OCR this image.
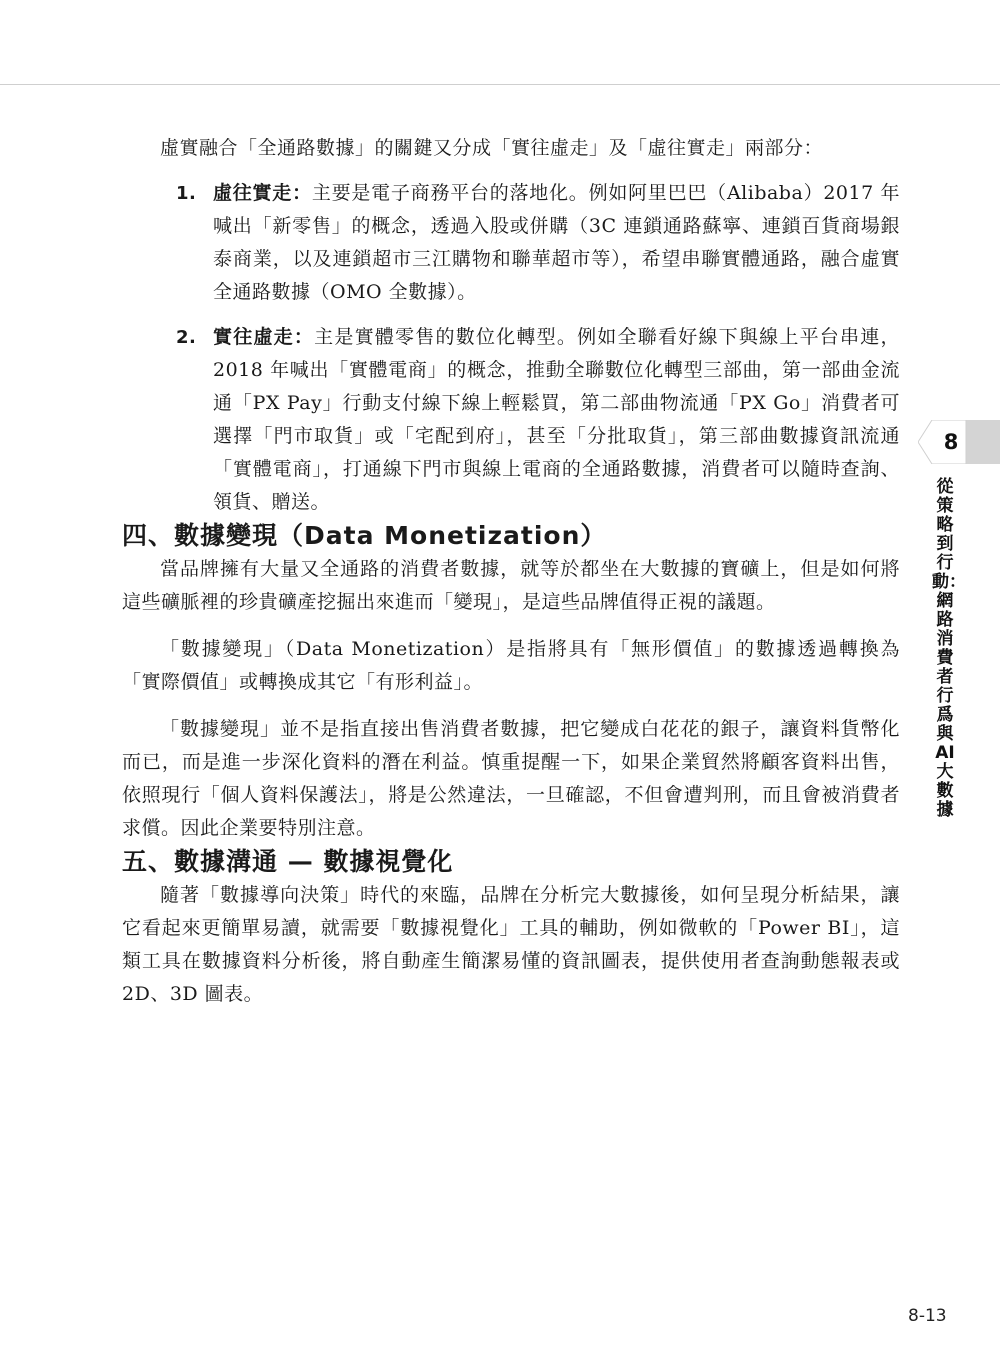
虛實融合「全通路數據」的關鍵又分成「實往虛走」及「虛往實走」兩部分：

1. 虛往實走：主要是電子商務平台的落地化。例如阿里巴巴（Alibaba）2017 年喊出「新零售」的概念，透過入股或併購（3C 連鎖通路蘇寧、連鎖百貨商場銀泰商業，以及連鎖超市三江購物和聯華超市等），希望串聯實體通路，融合虛實全通路數據（OMO 全數據）。
2. 實往虛走：主是實體零售的數位化轉型。例如全聯看好線下與線上平台串連，2018 年喊出「實體電商」的概念，推動全聯數位化轉型三部曲，第一部曲金流通「PX Pay」行動支付線下線上輕鬆買，第二部曲物流通「PX Go」消費者可選擇「門市取貨」或「宅配到府」，甚至「分批取貨」，第三部曲數據資訊流通「實體電商」，打通線下門市與線上電商的全通路數據，消費者可以隨時查詢、領貨、贈送。
四、數據變現（Data Monetization）

當品牌擁有大量又全通路的消費者數據，就等於都坐在大數據的寶礦上，但是如何將這些礦脈裡的珍貴礦產挖掘出來進而「變現」，是這些品牌值得正視的議題。

「數據變現」（Data Monetization）是指將具有「無形價值」的數據透過轉換為「實際價值」或轉換成其它「有形利益」。

「數據變現」並不是指直接出售消費者數據，把它變成白花花的銀子，讓資料貨幣化而已，而是進一步深化資料的潛在利益。慎重提醒一下，如果企業貿然將顧客資料出售，依照現行「個人資料保護法」，將是公然違法，一旦確認，不但會遭判刑，而且會被消費者求償。因此企業要特別注意。

五、數據溝通 — 數據視覺化

隨著「數據導向決策」時代的來臨，品牌在分析完大數據後，如何呈現分析結果，讓它看起來更簡單易讀，就需要「數據視覺化」工具的輔助，例如微軟的「Power BI」，這類工具在數據資料分析後，將自動產生簡潔易懂的資訊圖表，提供使用者查詢動態報表或 2D、3D 圖表。

8
從策略到行動：網路消費者行爲與AI大數據
8-13
